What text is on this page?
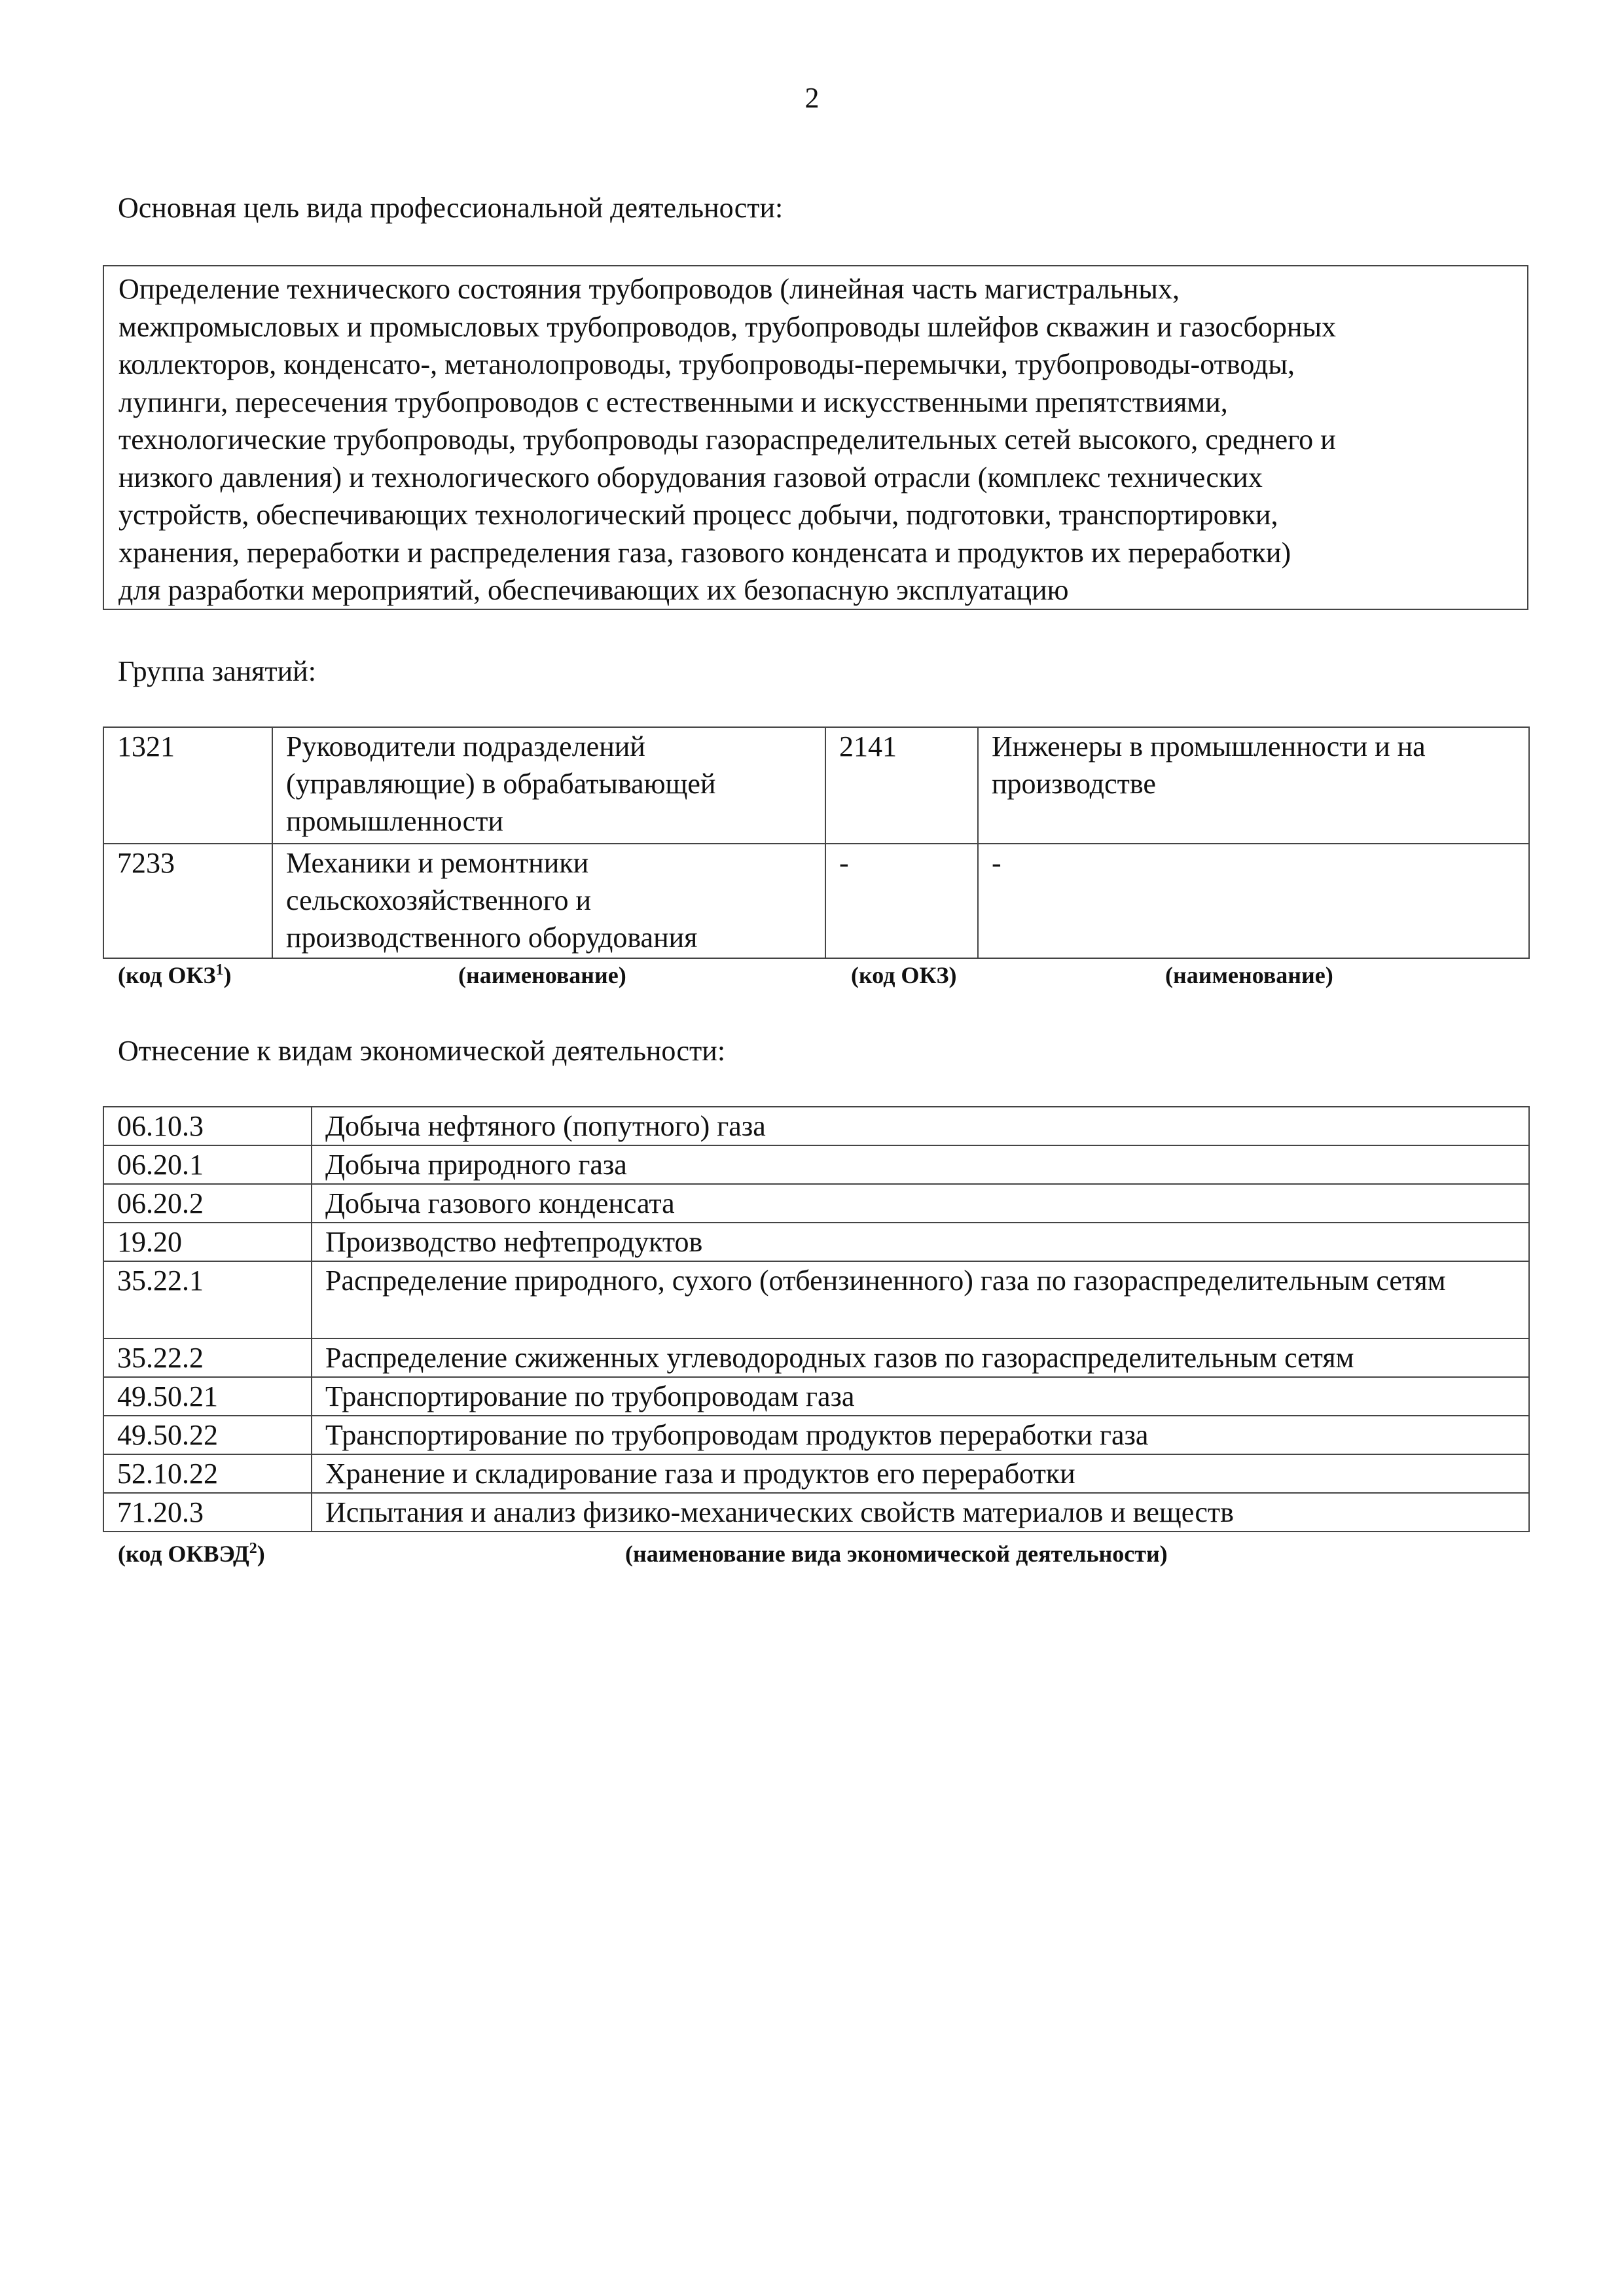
2
Основная цель вида профессиональной деятельности:
Определение технического состояния трубопроводов (линейная часть магистральных,
межпромысловых и промысловых трубопроводов, трубопроводы шлейфов скважин и газосборных
коллекторов, конденсато-, метанолопроводы, трубопроводы-перемычки, трубопроводы-отводы,
лупинги, пересечения трубопроводов с естественными и искусственными препятствиями,
технологические трубопроводы, трубопроводы газораспределительных сетей высокого, среднего и
низкого давления) и технологического оборудования газовой отрасли (комплекс технических
устройств, обеспечивающих технологический процесс добычи, подготовки, транспортировки,
хранения, переработки и распределения газа, газового конденсата и продуктов их переработки)
для разработки мероприятий, обеспечивающих их безопасную эксплуатацию
Группа занятий:
1321	Руководители подразделений (управляющие) в обрабатывающей промышленности	2141	Инженеры в промышленности и на производстве
7233	Механики и ремонтники сельскохозяйственного и производственного оборудования	-	-
(код ОКЗ$^1$)	(наименование)	(код ОКЗ)	(наименование)
Отнесение к видам экономической деятельности:
06.10.3	Добыча нефтяного (попутного) газа
06.20.1	Добыча природного газа
06.20.2	Добыча газового конденсата
19.20	Производство нефтепродуктов
35.22.1	Распределение природного, сухого (отбензиненного) газа по газораспределительным сетям
35.22.2	Распределение сжиженных углеводородных газов по газораспределительным сетям
49.50.21	Транспортирование по трубопроводам газа
49.50.22	Транспортирование по трубопроводам продуктов переработки газа
52.10.22	Хранение и складирование газа и продуктов его переработки
71.20.3	Испытания и анализ физико-механических свойств материалов и веществ
(код ОКВЭД$^2$)	(наименование вида экономической деятельности)
